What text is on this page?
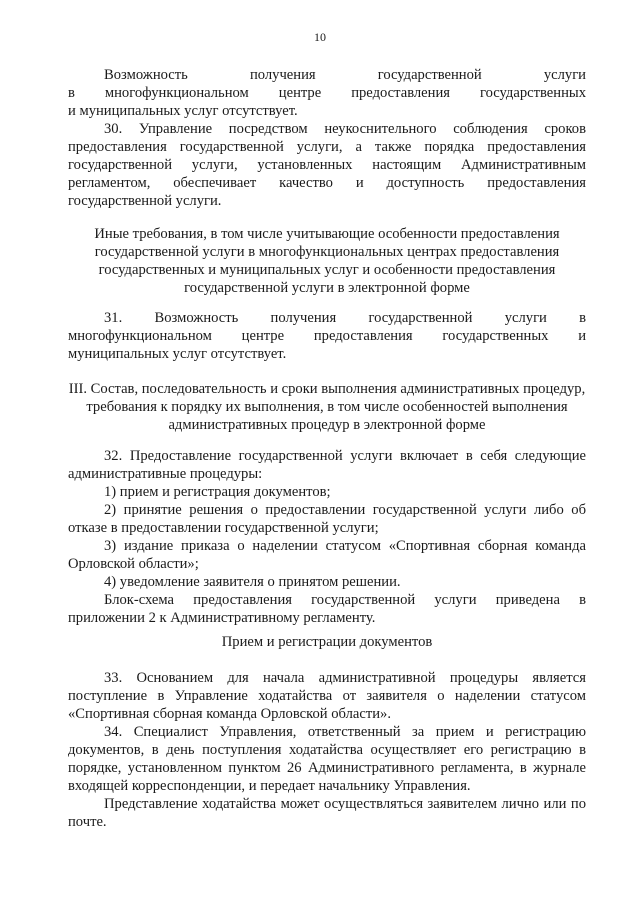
10

Возможность получения государственной услуги

в многофункциональном центре предоставления государственных

и муниципальных услуг отсутствует.

30. Управление посредством неукоснительного соблюдения сроков предоставления государственной услуги, а также порядка предоставления государственной услуги, установленных настоящим Административным регламентом, обеспечивает качество и доступность предоставления государственной услуги.

Иные требования, в том числе учитывающие особенности предоставления государственной услуги в многофункциональных центрах предоставления государственных и муниципальных услуг и особенности предоставления государственной услуги в электронной форме

31. Возможность получения государственной услуги в

многофункциональном центре предоставления государственных и

муниципальных услуг отсутствует.

III. Состав, последовательность и сроки выполнения административных процедур, требования к порядку их выполнения, в том числе особенностей выполнения административных процедур в электронной форме

32. Предоставление государственной услуги включает в себя следующие административные процедуры:

1) прием и регистрация документов;

2) принятие решения о предоставлении государственной услуги либо об отказе в предоставлении государственной услуги;

3) издание приказа о наделении статусом «Спортивная сборная команда Орловской области»;

4) уведомление заявителя о принятом решении.

Блок-схема предоставления государственной услуги приведена в приложении 2 к Административному регламенту.

Прием и регистрации документов

33. Основанием для начала административной процедуры является поступление в Управление ходатайства от заявителя о наделении статусом «Спортивная сборная команда Орловской области».

34. Специалист Управления, ответственный за прием и регистрацию документов, в день поступления ходатайства осуществляет его регистрацию в порядке, установленном пунктом 26 Административного регламента, в журнале входящей корреспонденции, и передает начальнику Управления.

Представление ходатайства может осуществляться заявителем лично или по почте.
